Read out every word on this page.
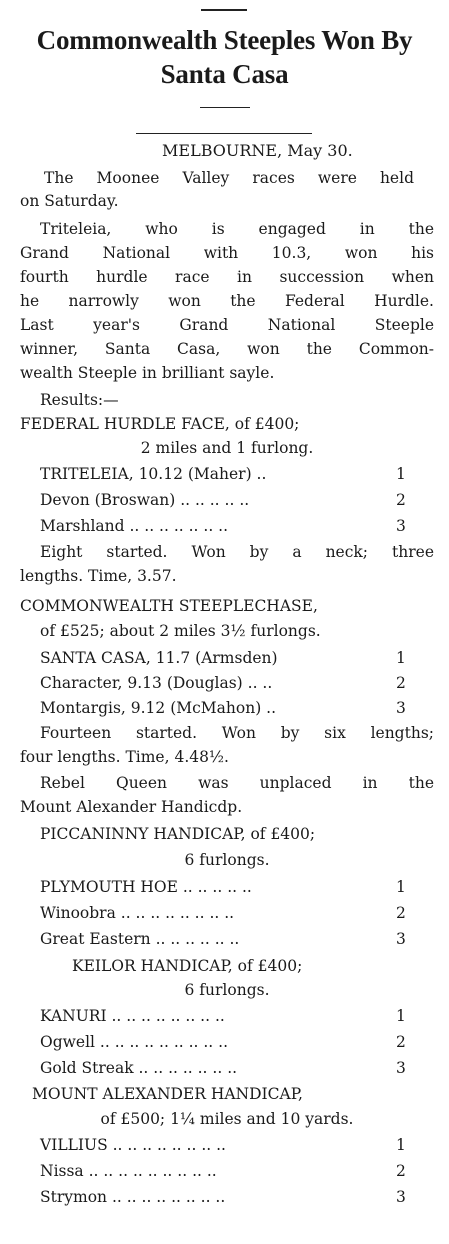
Commonwealth Steeples Won By
Santa Casa
MELBOURNE, May 30.
The Moonee Valley races were held
on Saturday.
Triteleia, who is engaged in the
Grand National with 10.3, won his
fourth hurdle race in succession when
he narrowly won the Federal Hurdle.
Last year's Grand National Steeple
winner, Santa Casa, won the Common-
wealth Steeple in brilliant sayle.
Results:—
FEDERAL HURDLE FACE, of £400;
2 miles and 1 furlong.
TRITELEIA, 10.12 (Maher) ..	1
Devon (Broswan) .. .. .. .. ..	2
Marshland .. .. .. .. .. .. ..	3
Eight started. Won by a neck; three
lengths. Time, 3.57.
COMMONWEALTH STEEPLECHASE,
of £525; about 2 miles 3½ furlongs.
SANTA CASA, 11.7 (Armsden)	1
Character, 9.13 (Douglas) .. ..	2
Montargis, 9.12 (McMahon) ..	3
Fourteen started. Won by six lengths;
four lengths. Time, 4.48½.
Rebel Queen was unplaced in the
Mount Alexander Handicdp.
PICCANINNY HANDICAP, of £400;
6 furlongs.
PLYMOUTH HOE .. .. .. .. ..	1
Winoobra .. .. .. .. .. .. .. ..	2
Great Eastern .. .. .. .. .. ..	3
KEILOR HANDICAP, of £400;
6 furlongs.
KANURI .. .. .. .. .. .. .. ..	1
Ogwell .. .. .. .. .. .. .. .. ..	2
Gold Streak .. .. .. .. .. .. ..	3
MOUNT ALEXANDER HANDICAP,
of £500; 1¼ miles and 10 yards.
VILLIUS .. .. .. .. .. .. .. ..	1
Nissa .. .. .. .. .. .. .. .. ..	2
Strymon .. .. .. .. .. .. .. ..	3
